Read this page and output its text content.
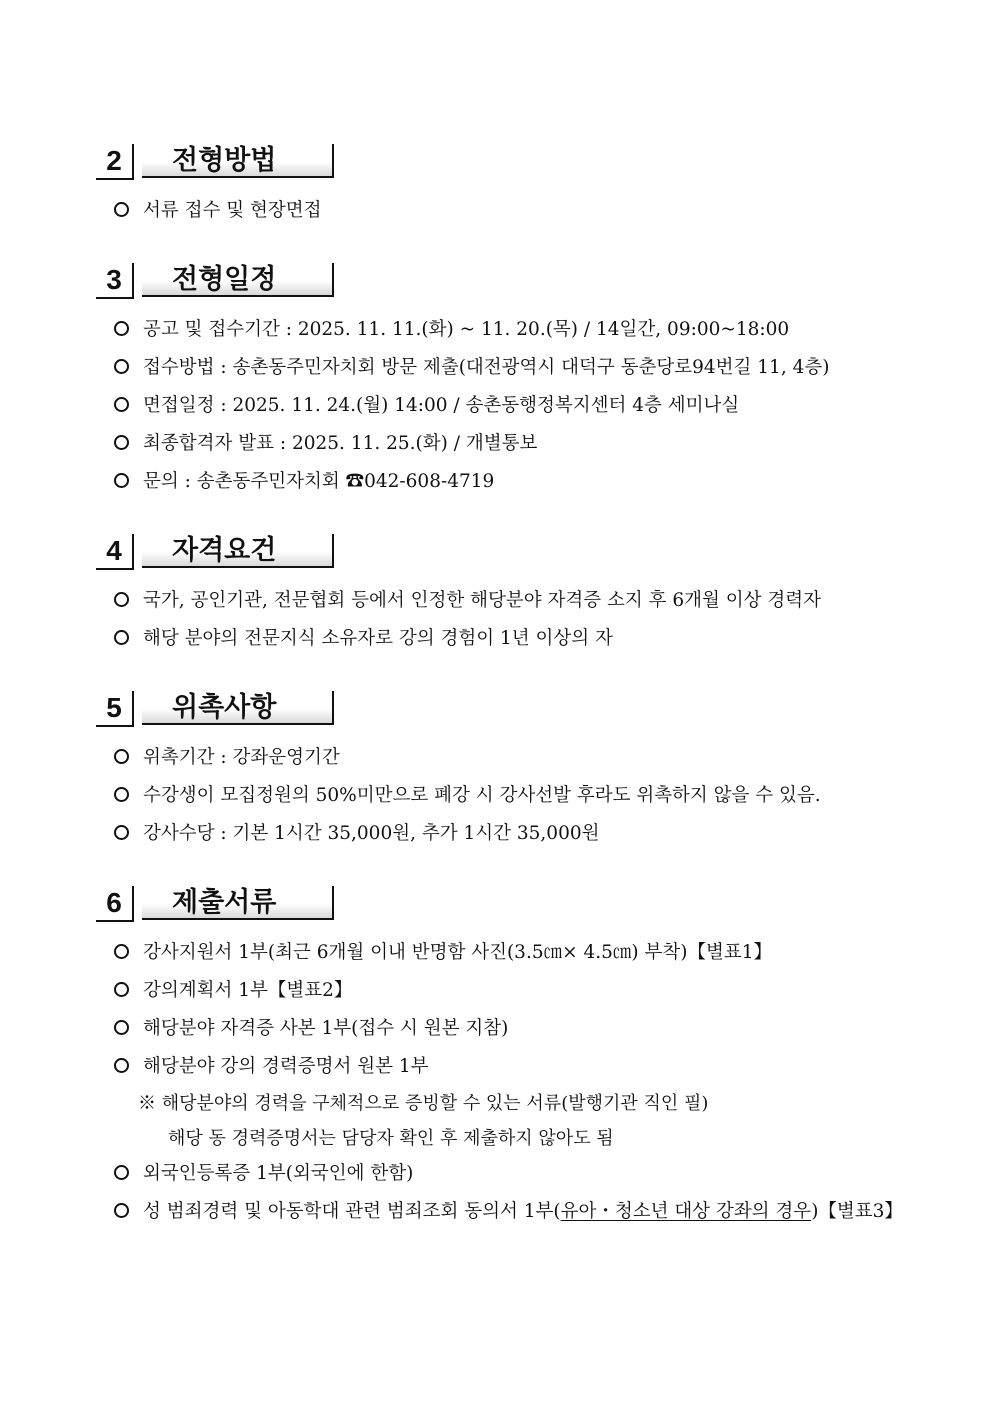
2	전형방법
서류 접수 및 현장면접
3	전형일정
공고 및 접수기간 : 2025. 11. 11.(화) ~ 11. 20.(목) / 14일간, 09:00~18:00
접수방법 : 송촌동주민자치회 방문 제출(대전광역시 대덕구 동춘당로94번길 11, 4층)
면접일정 : 2025. 11. 24.(월) 14:00 / 송촌동행정복지센터 4층 세미나실
최종합격자 발표 : 2025. 11. 25.(화) / 개별통보
문의 : 송촌동주민자치회 ☎042-608-4719
4	자격요건
국가, 공인기관, 전문협회 등에서 인정한 해당분야 자격증 소지 후 6개월 이상 경력자
해당 분야의 전문지식 소유자로 강의 경험이 1년 이상의 자
5	위촉사항
위촉기간 : 강좌운영기간
수강생이 모집정원의 50%미만으로 폐강 시 강사선발 후라도 위촉하지 않을 수 있음.
강사수당 : 기본 1시간 35,000원, 추가 1시간 35,000원
6	제출서류
강사지원서 1부(최근 6개월 이내 반명함 사진(3.5㎝× 4.5㎝) 부착)【별표1】
강의계획서 1부【별표2】
해당분야 자격증 사본 1부(접수 시 원본 지참)
해당분야 강의 경력증명서 원본 1부
※ 해당분야의 경력을 구체적으로 증빙할 수 있는 서류(발행기관 직인 필)
해당 동 경력증명서는 담당자 확인 후 제출하지 않아도 됨
외국인등록증 1부(외국인에 한함)
성 범죄경력 및 아동학대 관련 범죄조회 동의서 1부(유아・청소년 대상 강좌의 경우)【별표3】
